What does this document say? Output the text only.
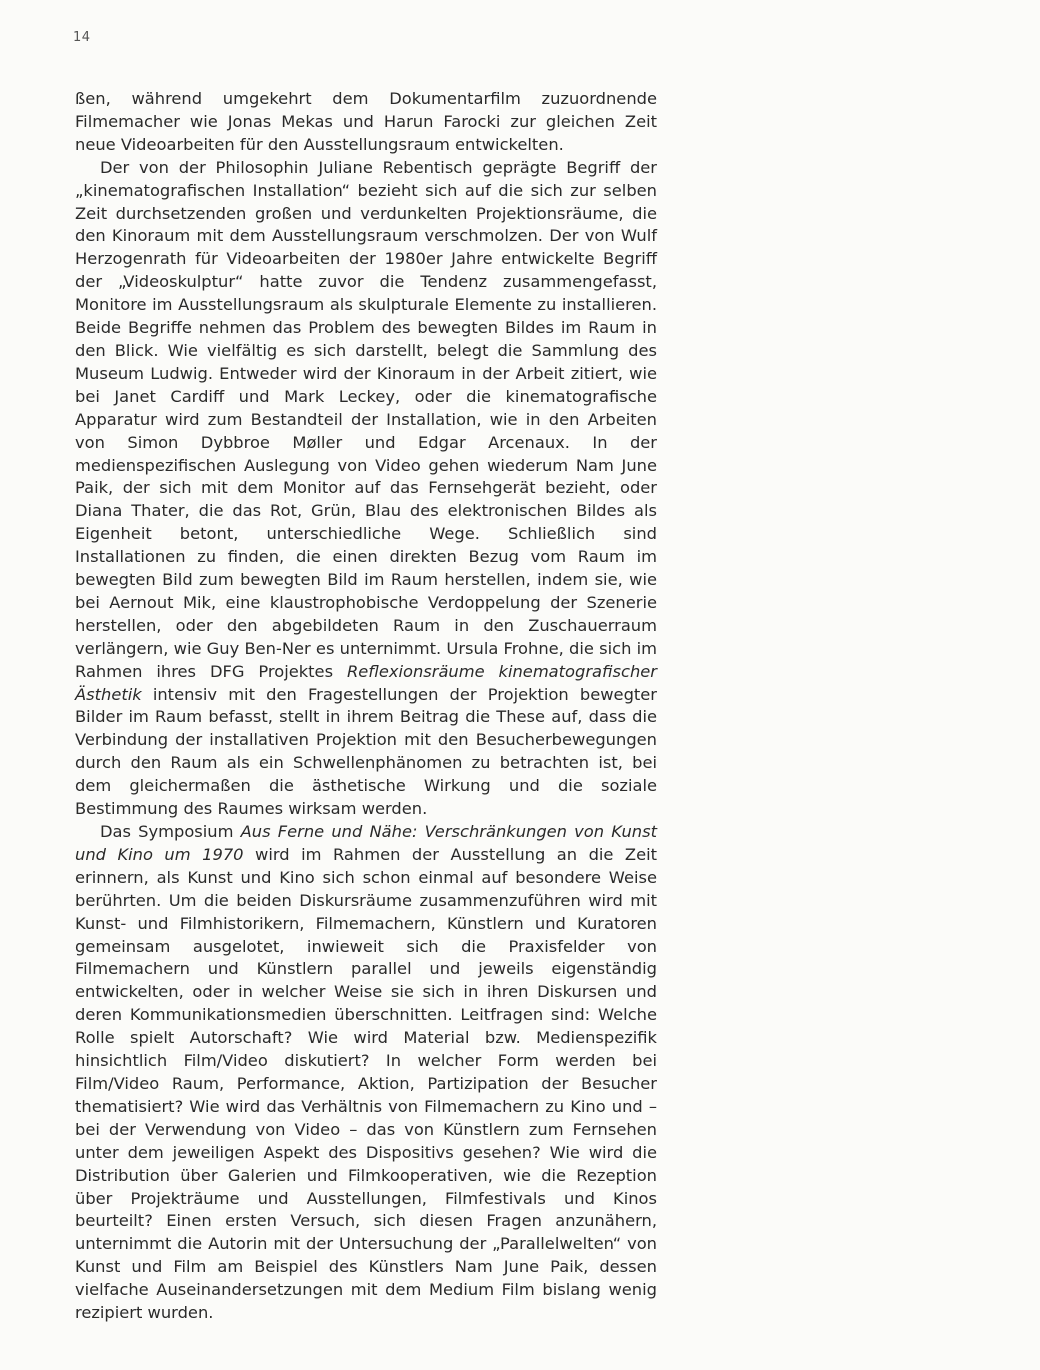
14

ßen, während umgekehrt dem Dokumentarfilm zuzuordnende Filmemacher wie Jonas Mekas und Harun Farocki zur gleichen Zeit neue Videoarbeiten für den Ausstellungsraum entwickelten.

Der von der Philosophin Juliane Rebentisch geprägte Begriff der „kinematografischen Installation“ bezieht sich auf die sich zur selben Zeit durchsetzenden großen und verdunkelten Projektionsräume, die den Kinoraum mit dem Ausstellungsraum verschmolzen. Der von Wulf Herzogenrath für Videoarbeiten der 1980er Jahre entwickelte Begriff der „Videoskulptur“ hatte zuvor die Tendenz zusammengefasst, Monitore im Ausstellungsraum als skulpturale Elemente zu installieren. Beide Begriffe nehmen das Problem des bewegten Bildes im Raum in den Blick. Wie vielfältig es sich darstellt, belegt die Sammlung des Museum Ludwig. Entweder wird der Kinoraum in der Arbeit zitiert, wie bei Janet Cardiff und Mark Leckey, oder die kinematografische Apparatur wird zum Bestandteil der Installation, wie in den Arbeiten von Simon Dybbroe Møller und Edgar Arcenaux. In der medienspezifischen Auslegung von Video gehen wiederum Nam June Paik, der sich mit dem Monitor auf das Fernsehgerät bezieht, oder Diana Thater, die das Rot, Grün, Blau des elektronischen Bildes als Eigenheit betont, unterschiedliche Wege. Schließlich sind Installationen zu finden, die einen direkten Bezug vom Raum im bewegten Bild zum bewegten Bild im Raum herstellen, indem sie, wie bei Aernout Mik, eine klaustrophobische Verdoppelung der Szenerie herstellen, oder den abgebildeten Raum in den Zuschauerraum verlängern, wie Guy Ben-Ner es unternimmt. Ursula Frohne, die sich im Rahmen ihres DFG Projektes Reflexionsräume kinematografischer Ästhetik intensiv mit den Fragestellungen der Projektion bewegter Bilder im Raum befasst, stellt in ihrem Beitrag die These auf, dass die Verbindung der installativen Projektion mit den Besucherbewegungen durch den Raum als ein Schwellenphänomen zu betrachten ist, bei dem gleichermaßen die ästhetische Wirkung und die soziale Bestimmung des Raumes wirksam werden.

Das Symposium Aus Ferne und Nähe: Verschränkungen von Kunst und Kino um 1970 wird im Rahmen der Ausstellung an die Zeit erinnern, als Kunst und Kino sich schon einmal auf besondere Weise berührten. Um die beiden Diskursräume zusammenzuführen wird mit Kunst- und Filmhistorikern, Filmemachern, Künstlern und Kuratoren gemeinsam ausgelotet, inwieweit sich die Praxisfelder von Filmemachern und Künstlern parallel und jeweils eigenständig entwickelten, oder in welcher Weise sie sich in ihren Diskursen und deren Kommunikationsmedien überschnitten. Leitfragen sind: Welche Rolle spielt Autorschaft? Wie wird Material bzw. Medienspezifik hinsichtlich Film/Video diskutiert? In welcher Form werden bei Film/Video Raum, Performance, Aktion, Partizipation der Besucher thematisiert? Wie wird das Verhältnis von Filmemachern zu Kino und – bei der Verwendung von Video – das von Künstlern zum Fernsehen unter dem jeweiligen Aspekt des Dispositivs gesehen? Wie wird die Distribution über Galerien und Filmkooperativen, wie die Rezeption über Projekträume und Ausstellungen, Filmfestivals und Kinos beurteilt? Einen ersten Versuch, sich diesen Fragen anzunähern, unternimmt die Autorin mit der Untersuchung der „Parallelwelten“ von Kunst und Film am Beispiel des Künstlers Nam June Paik, dessen vielfache Auseinandersetzungen mit dem Medium Film bislang wenig rezipiert wurden.
